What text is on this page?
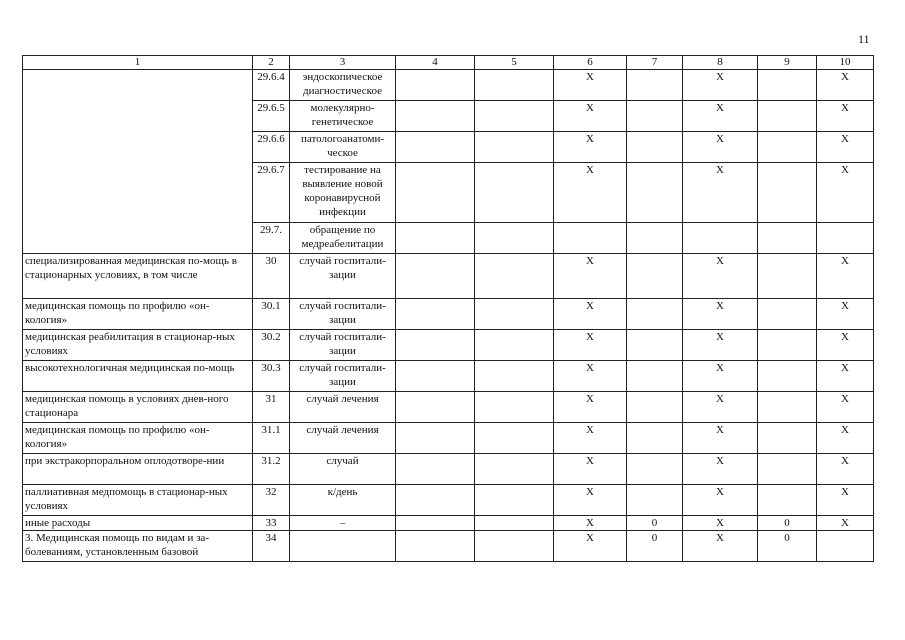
11
1	2	3	4	5	6	7	8	9	10
	29.6.4	эндоскопическое диагностическое			X		X		X
	29.6.5	молекулярно-генетическое			X		X		X
	29.6.6	патологоанатоми-ческое			X		X		X
	29.6.7	тестирование на выявление новой коронавирусной инфекции			X		X		X
	29.7.	обращение по медреабелитации							
специализированная медицинская по-мощь в стационарных условиях, в том числе	30	случай госпитали-зации			X		X		X
медицинская помощь по профилю «он-кология»	30.1	случай госпитали-зации			X		X		X
медицинская реабилитация в стационар-ных условиях	30.2	случай госпитали-зации			X		X		X
высокотехнологичная медицинская по-мощь	30.3	случай госпитали-зации			X		X		X
медицинская помощь в условиях днев-ного стационара	31	случай лечения			X		X		X
медицинская помощь по профилю «он-кология»	31.1	случай лечения			X		X		X
при экстракорпоральном оплодотворе-нии	31.2	случай			X		X		X
паллиативная медпомощь в стационар-ных условиях	32	к/день			X		X		X
иные расходы	33	–			X	0	X	0	X
3. Медицинская помощь по видам и за-болеваниям, установленным базовой	34				X	0	X	0	
